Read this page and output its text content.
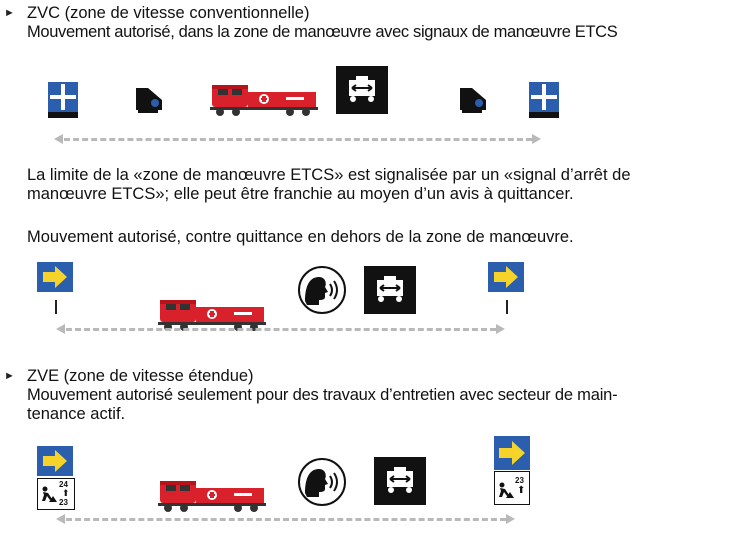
► ZVC (zone de vitesse conventionnelle)
Mouvement autorisé, dans la zone de manœuvre avec signaux de manœuvre ETCS
La limite de la «zone de manœuvre ETCS» est signalisée par un «signal d’arrêt de
manœuvre ETCS»; elle peut être franchie au moyen d’un avis à quittancer.
Mouvement autorisé, contre quittance en dehors de la zone de manœuvre.
► ZVE (zone de vitesse étendue)
Mouvement autorisé seulement pour des travaux d’entretien avec secteur de main-
tenance actif.
24
⬆
23
23
⬆
